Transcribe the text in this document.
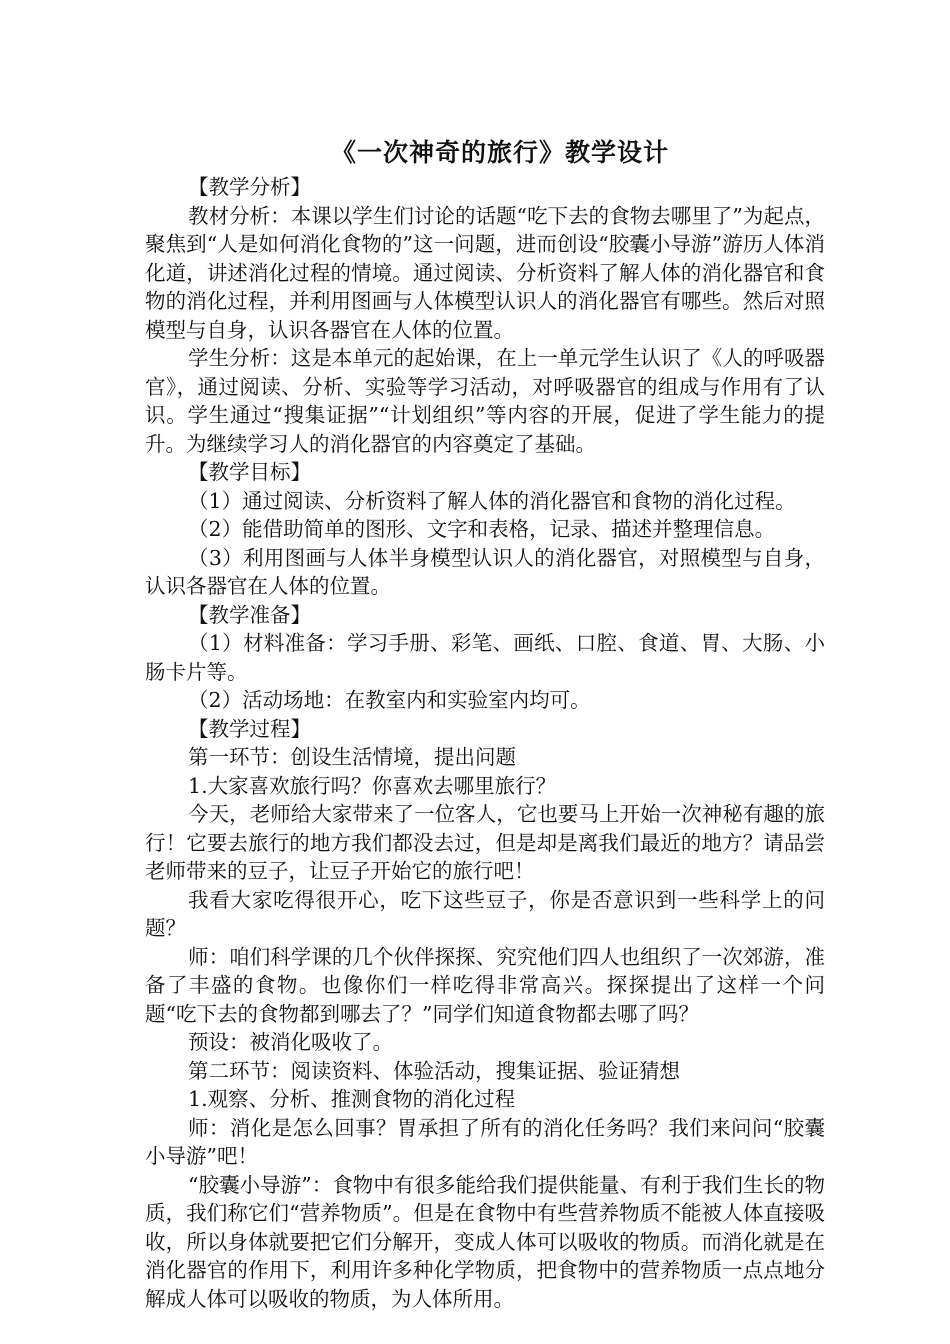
《一次神奇的旅行》教学设计

【教学分析】

教材分析：本课以学生们讨论的话题“吃下去的食物去哪里了”为起点，聚焦到“人是如何消化食物的”这一问题，进而创设“胶囊小导游”游历人体消化道，讲述消化过程的情境。通过阅读、分析资料了解人体的消化器官和食物的消化过程，并利用图画与人体模型认识人的消化器官有哪些。然后对照模型与自身，认识各器官在人体的位置。

学生分析：这是本单元的起始课，在上一单元学生认识了《人的呼吸器官》，通过阅读、分析、实验等学习活动，对呼吸器官的组成与作用有了认识。学生通过“搜集证据”“计划组织”等内容的开展，促进了学生能力的提升。为继续学习人的消化器官的内容奠定了基础。

【教学目标】

（1）通过阅读、分析资料了解人体的消化器官和食物的消化过程。

（2）能借助简单的图形、文字和表格，记录、描述并整理信息。

（3）利用图画与人体半身模型认识人的消化器官，对照模型与自身，认识各器官在人体的位置。

【教学准备】

（1）材料准备：学习手册、彩笔、画纸、口腔、食道、胃、大肠、小肠卡片等。

（2）活动场地：在教室内和实验室内均可。

【教学过程】

第一环节：创设生活情境，提出问题

1.大家喜欢旅行吗？你喜欢去哪里旅行？

今天，老师给大家带来了一位客人，它也要马上开始一次神秘有趣的旅行！它要去旅行的地方我们都没去过，但是却是离我们最近的地方？请品尝老师带来的豆子，让豆子开始它的旅行吧！

我看大家吃得很开心，吃下这些豆子，你是否意识到一些科学上的问题？

师：咱们科学课的几个伙伴探探、究究他们四人也组织了一次郊游，准备了丰盛的食物。也像你们一样吃得非常高兴。探探提出了这样一个问题“吃下去的食物都到哪去了？”同学们知道食物都去哪了吗？

预设：被消化吸收了。

第二环节：阅读资料、体验活动，搜集证据、验证猜想

1.观察、分析、推测食物的消化过程

师：消化是怎么回事？胃承担了所有的消化任务吗？我们来问问“胶囊小导游”吧！

“胶囊小导游”：食物中有很多能给我们提供能量、有利于我们生长的物质，我们称它们“营养物质”。但是在食物中有些营养物质不能被人体直接吸收，所以身体就要把它们分解开，变成人体可以吸收的物质。而消化就是在消化器官的作用下，利用许多种化学物质，把食物中的营养物质一点点地分解成人体可以吸收的物质，为人体所用。
